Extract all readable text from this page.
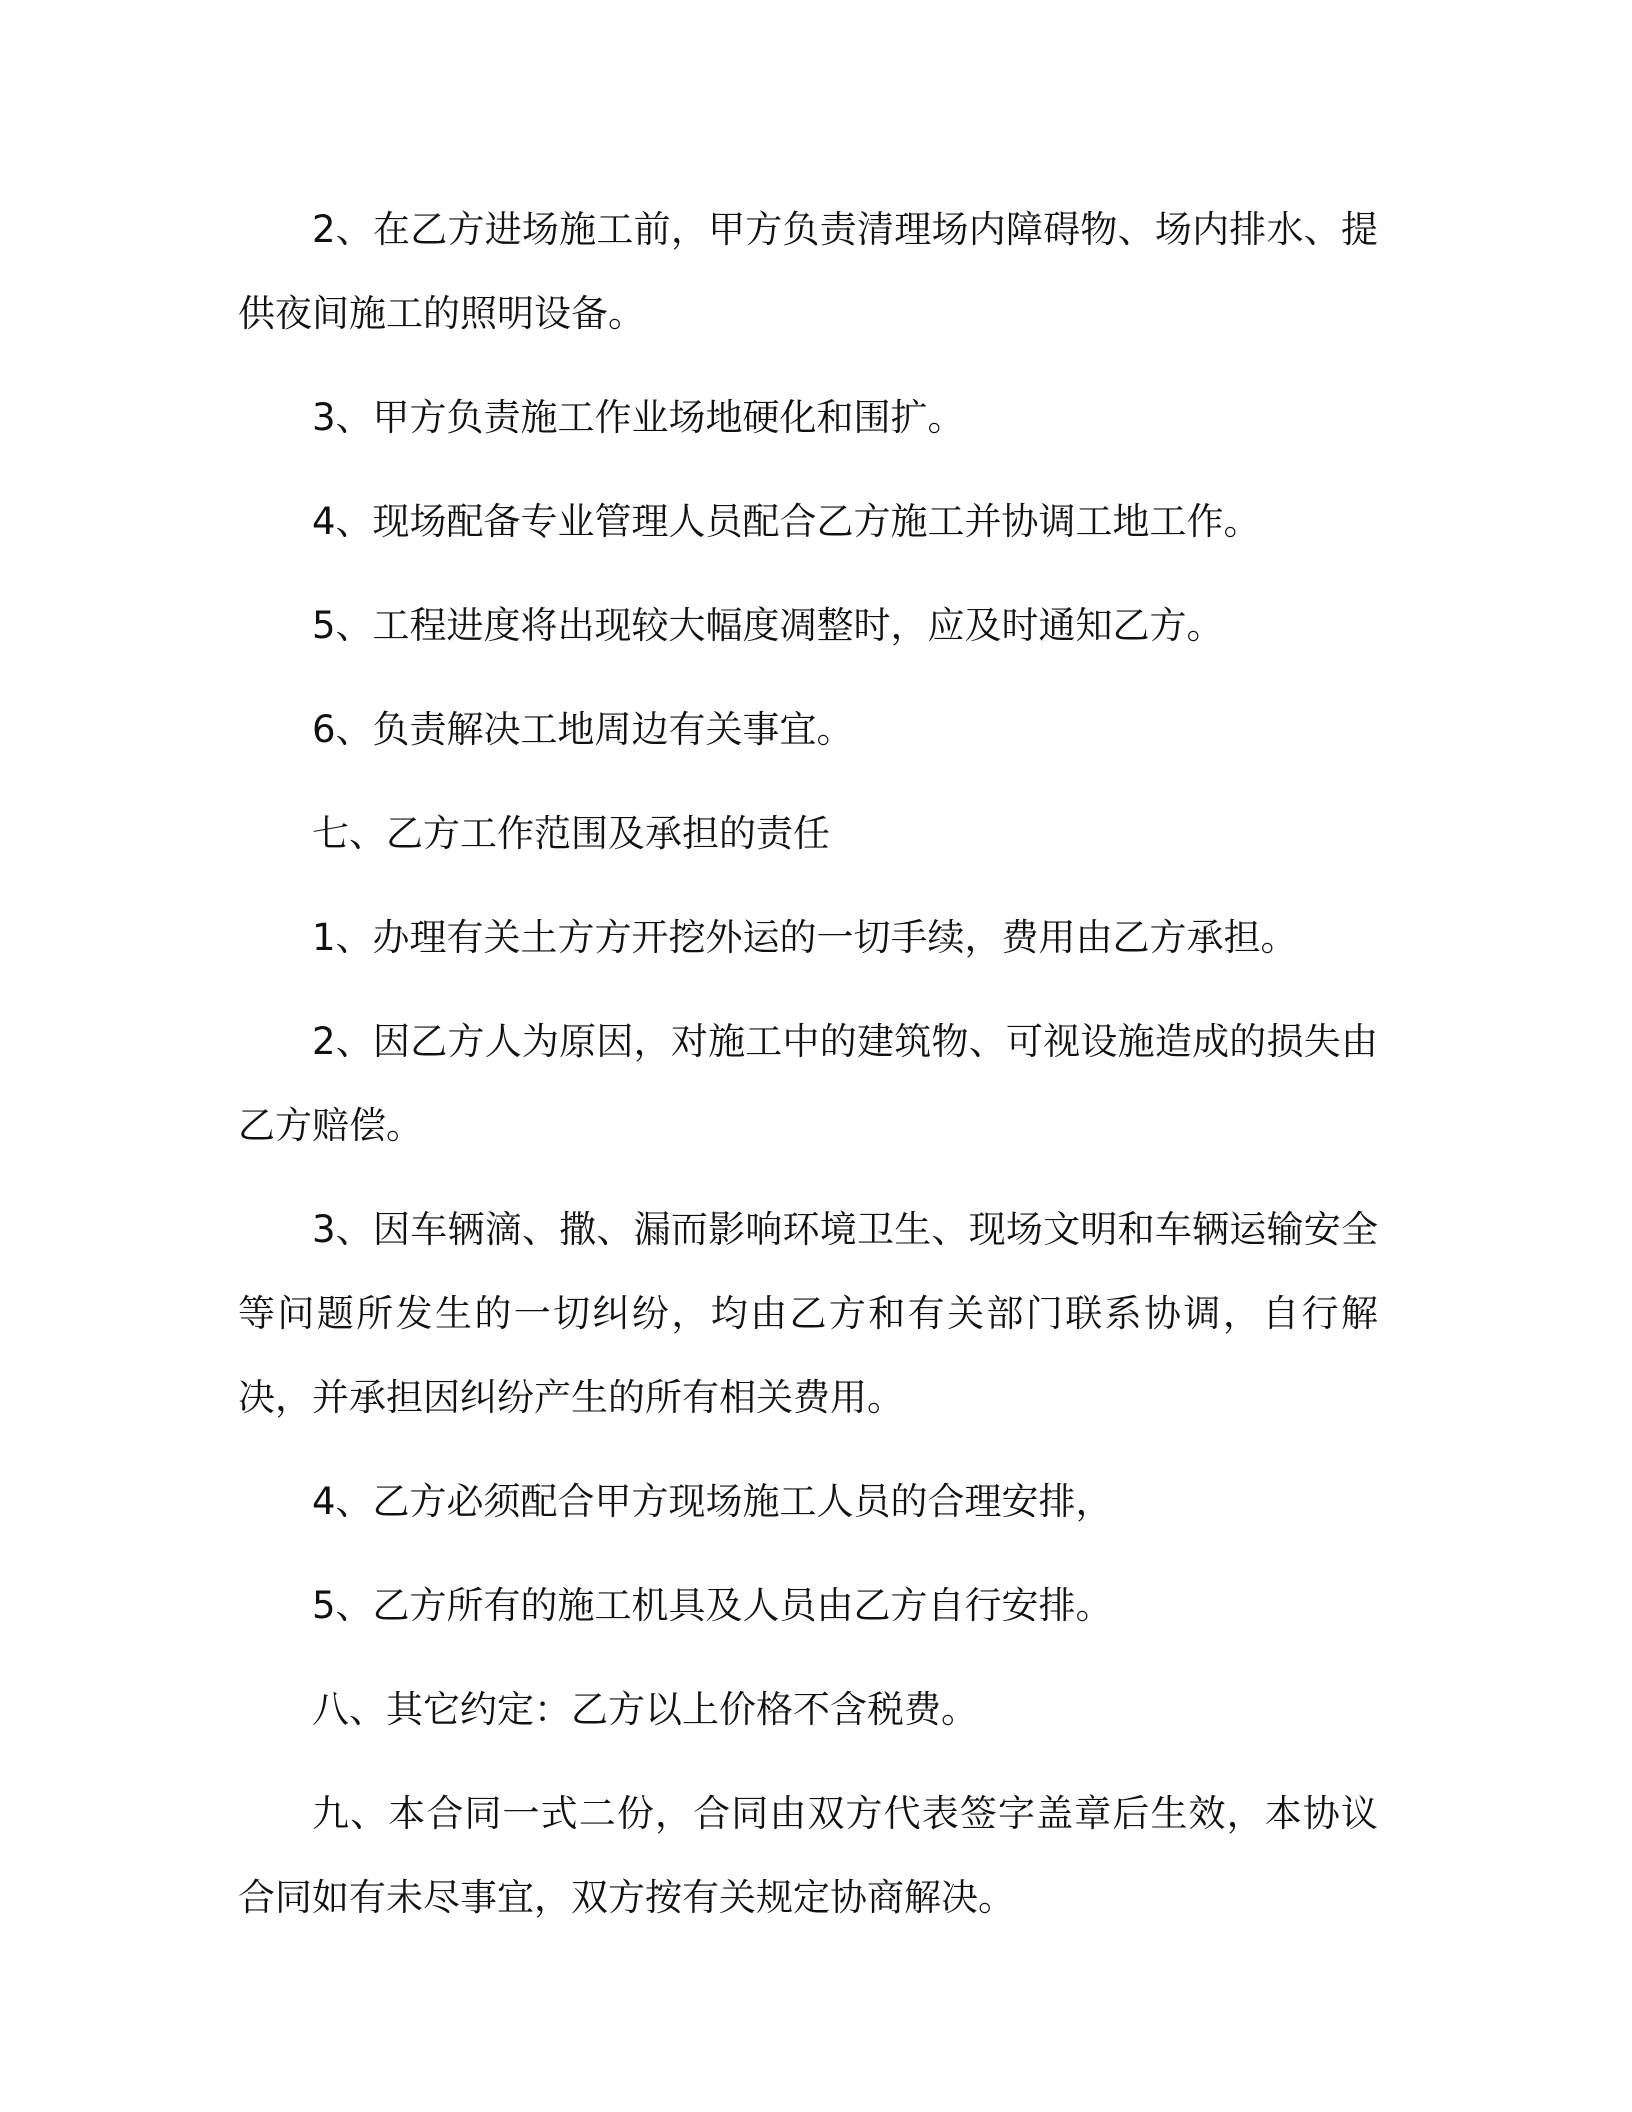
2、在乙方进场施工前，甲方负责清理场内障碍物、场内排水、提供夜间施工的照明设备。

3、甲方负责施工作业场地硬化和围扩。

4、现场配备专业管理人员配合乙方施工并协调工地工作。

5、工程进度将出现较大幅度凋整时，应及时通知乙方。

6、负责解决工地周边有关事宜。

七、乙方工作范围及承担的责任

1、办理有关土方方开挖外运的一切手续，费用由乙方承担。

2、因乙方人为原因，对施工中的建筑物、可视设施造成的损失由乙方赔偿。

3、因车辆滴、撒、漏而影响环境卫生、现场文明和车辆运输安全等问题所发生的一切纠纷，均由乙方和有关部门联系协调，自行解决，并承担因纠纷产生的所有相关费用。

4、乙方必须配合甲方现场施工人员的合理安排，

5、乙方所有的施工机具及人员由乙方自行安排。

八、其它约定：乙方以上价格不含税费。

九、本合同一式二份，合同由双方代表签字盖章后生效，本协议合同如有未尽事宜，双方按有关规定协商解决。
